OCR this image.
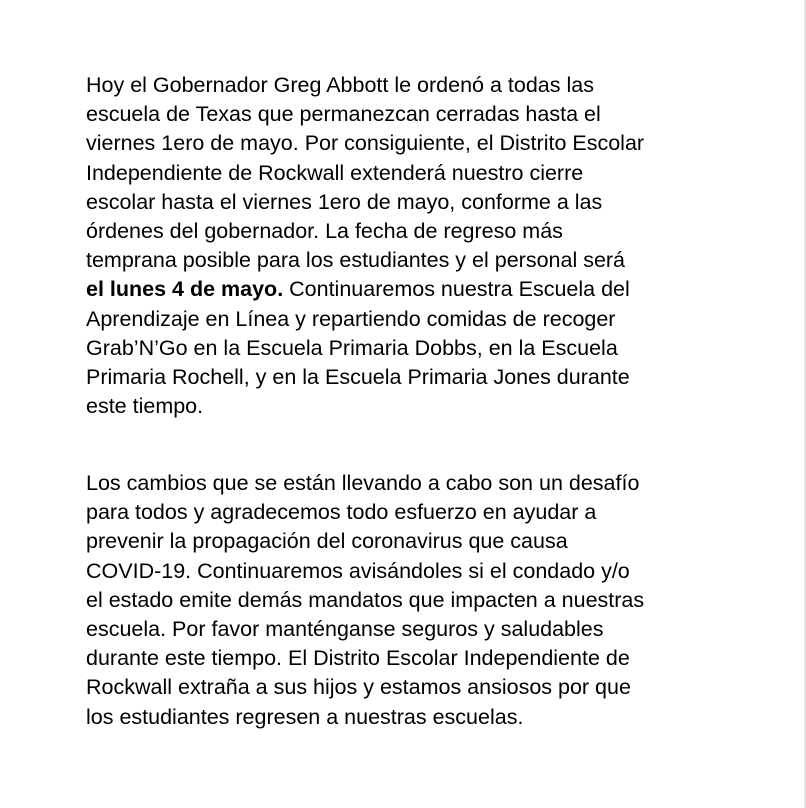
Hoy el Gobernador Greg Abbott le ordenó a todas las
escuela de Texas que permanezcan cerradas hasta el
viernes 1ero de mayo. Por consiguiente, el Distrito Escolar
Independiente de Rockwall extenderá nuestro cierre
escolar hasta el viernes 1ero de mayo, conforme a las
órdenes del gobernador. La fecha de regreso más
temprana posible para los estudiantes y el personal será
el lunes 4 de mayo. Continuaremos nuestra Escuela del
Aprendizaje en Línea y repartiendo comidas de recoger
Grab’N’Go en la Escuela Primaria Dobbs, en la Escuela
Primaria Rochell, y en la Escuela Primaria Jones durante
este tiempo.

Los cambios que se están llevando a cabo son un desafío
para todos y agradecemos todo esfuerzo en ayudar a
prevenir la propagación del coronavirus que causa
COVID-19. Continuaremos avisándoles si el condado y/o
el estado emite demás mandatos que impacten a nuestras
escuela. Por favor manténganse seguros y saludables
durante este tiempo. El Distrito Escolar Independiente de
Rockwall extraña a sus hijos y estamos ansiosos por que
los estudiantes regresen a nuestras escuelas.
